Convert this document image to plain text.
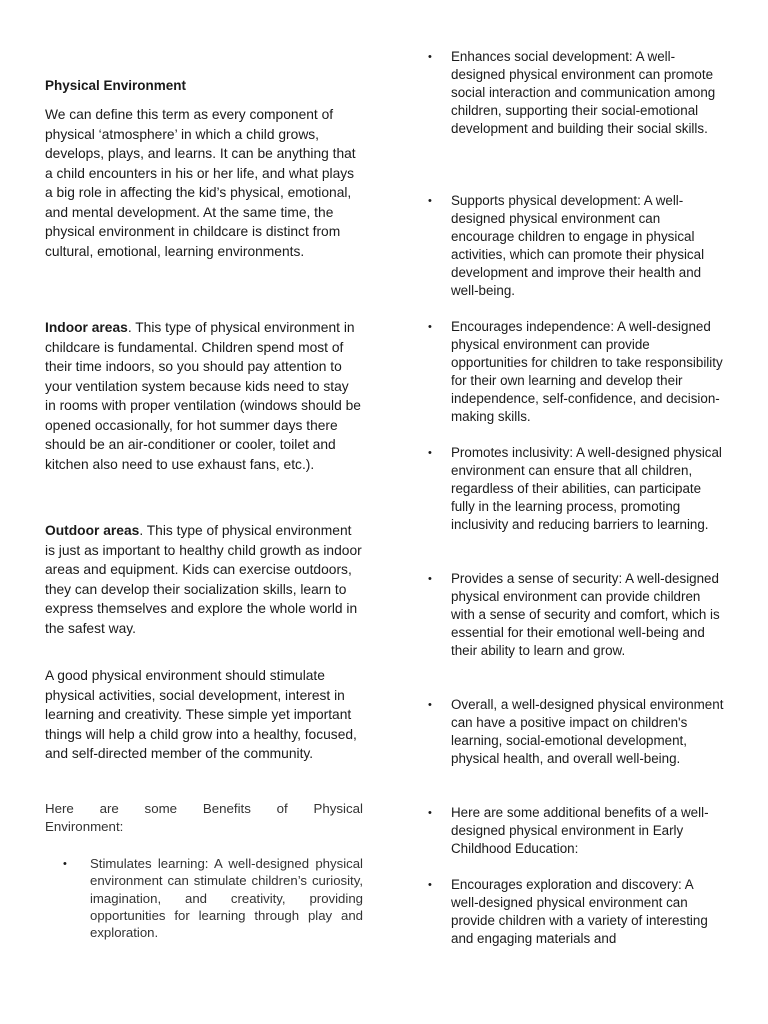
Physical Environment

We can define this term as every component of physical ‘atmosphere’ in which a child grows, develops, plays, and learns. It can be anything that a child encounters in his or her life, and what plays a big role in affecting the kid’s physical, emotional, and mental development. At the same time, the physical environment in childcare is distinct from cultural, emotional, learning environments.

Indoor areas. This type of physical environment in childcare is fundamental. Children spend most of their time indoors, so you should pay attention to your ventilation system because kids need to stay in rooms with proper ventilation (windows should be opened occasionally, for hot summer days there should be an air-conditioner or cooler, toilet and kitchen also need to use exhaust fans, etc.).

Outdoor areas. This type of physical environment is just as important to healthy child growth as indoor areas and equipment. Kids can exercise outdoors, they can develop their socialization skills, learn to express themselves and explore the whole world in the safest way.

A good physical environment should stimulate physical activities, social development, interest in learning and creativity. These simple yet important things will help a child grow into a healthy, focused, and self-directed member of the community.

Here are some Benefits of Physical
Environment:

•	Stimulates learning: A well-designed physical environment can stimulate children’s curiosity, imagination, and creativity, providing opportunities for learning through play and exploration.

•	Enhances social development: A well-designed physical environment can promote social interaction and communication among children, supporting their social-emotional development and building their social skills.

•	Supports physical development: A well-designed physical environment can encourage children to engage in physical activities, which can promote their physical development and improve their health and well-being.

•	Encourages independence: A well-designed physical environment can provide opportunities for children to take responsibility for their own learning and develop their independence, self-confidence, and decision-making skills.

•	Promotes inclusivity: A well-designed physical environment can ensure that all children, regardless of their abilities, can participate fully in the learning process, promoting inclusivity and reducing barriers to learning.

•	Provides a sense of security: A well-designed physical environment can provide children with a sense of security and comfort, which is essential for their emotional well-being and their ability to learn and grow.

•	Overall, a well-designed physical environment can have a positive impact on children's learning, social-emotional development, physical health, and overall well-being.

•	Here are some additional benefits of a well-designed physical environment in Early Childhood Education:

•	Encourages exploration and discovery: A well-designed physical environment can provide children with a variety of interesting and engaging materials and
